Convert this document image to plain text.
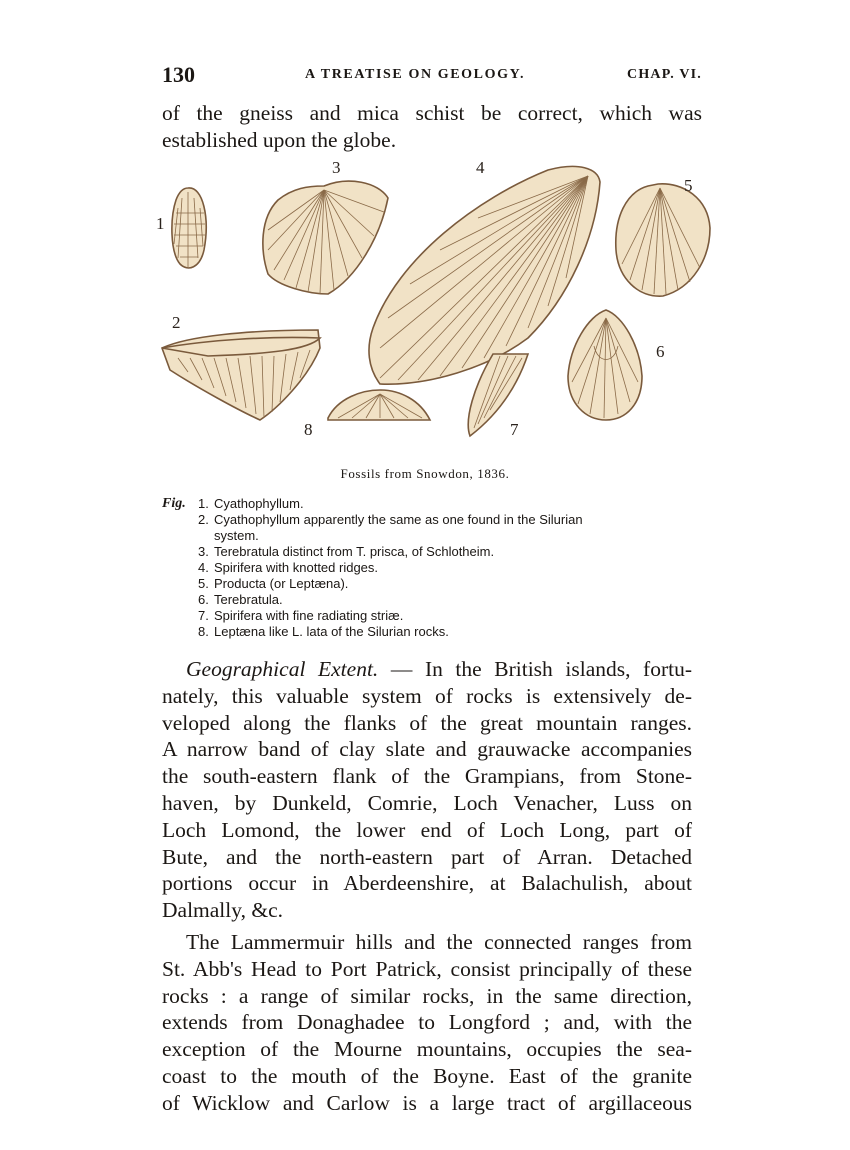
130	A TREATISE ON GEOLOGY.	CHAP. VI.
of the gneiss and mica schist be correct, which was
established upon the globe.
1
2
3	4
5
6
7
8
Fossils from Snowdon, 1836.
Fig. 1. Cyathophyllum.
2. Cyathophyllum apparently the same as one found in the Silurian
system.
3. Terebratula distinct from T. prisca, of Schlotheim.
4. Spirifera with knotted ridges.
5. Producta (or Leptæna).
6. Terebratula.
7. Spirifera with fine radiating striæ.
8. Leptæna like L. lata of the Silurian rocks.
Geographical Extent. — In the British islands, fortu-
nately, this valuable system of rocks is extensively de-
veloped along the flanks of the great mountain ranges.
A narrow band of clay slate and grauwacke accompanies
the south-eastern flank of the Grampians, from Stone-
haven, by Dunkeld, Comrie, Loch Venacher, Luss on
Loch Lomond, the lower end of Loch Long, part of
Bute, and the north-eastern part of Arran. Detached
portions occur in Aberdeenshire, at Balachulish, about
Dalmally, &c.
The Lammermuir hills and the connected ranges from
St. Abb's Head to Port Patrick, consist principally of these
rocks : a range of similar rocks, in the same direction,
extends from Donaghadee to Longford ; and, with the
exception of the Mourne mountains, occupies the sea-
coast to the mouth of the Boyne. East of the granite
of Wicklow and Carlow is a large tract of argillaceous
